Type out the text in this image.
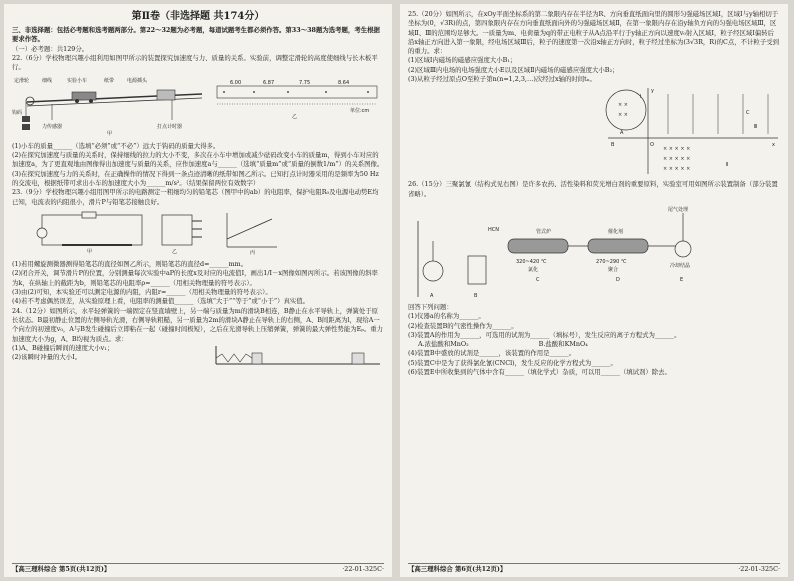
第Ⅱ卷（非选择题 共174分）
三、非选择题：包括必考题和选考题两部分。第22～32题为必考题，每道试题考生都必须作答。第33～38题为选考题，考生根据要求作答。
（一）必考题：共129分。
22.（6分）学校物理兴趣小组利用如图甲所示的装置探究加速度与力、质量的关系。实验前，调整定滑轮的高度使细线与长木板平行。
定滑轮	细线	实验小车	纸带	电源插头
钩码
力传感器	打点计时器
甲
6.00	6.87	7.75	8.64
乙
单位:cm
(1)小车的质量______（选填“必须”或“不必”）远大于钩码的质量大得多。
(2)在探究加速度与质量的关系时，保持细线的拉力的大小不变，多次在小车中增加或减少砝码改变小车的质量m，得到小车对应的加速度a，为了更直观地由图像得出加速度与质量的关系，应作加速度a与______（选填“质量m”或“质量的倒数1/m”）的关系图像。
(3)在探究加速度与力的关系时，在正确操作的情况下得到一条点迹清晰的纸带如图乙所示。已知打点计时器采用的是频率为50 Hz的交流电，根据纸带可求出小车的加速度大小为______m/s²。（结果保留两位有效数字）
23.（9分）学校物理兴趣小组用图甲所示的电路测定一粗细均匀的铅笔芯（图甲中的ab）的电阻率，保护电阻R₀及电源电动势E均已知，电流表的内阻很小，滑片P与铅笔芯接触良好。
甲	乙	丙
(1)若用螺旋测微器测得铅笔芯的直径如图乙所示，则铅笔芯的直径d=______mm。
(2)闭合开关，调节滑片P的位置，分别测量每次实验中aP的长度x及对应的电流值I，画出1/I－x图像如图丙所示。若该图像的斜率为k，在纵轴上的截距为b，则铅笔芯的电阻率ρ=______（用相关物理量的符号表示）。
(3)由(2)可知，本实验还可以测定电源的内阻，内阻r=______（用相关物理量的符号表示）。
(4)若不考虑偶然误差，从实验原理上看，电阻率的测量值______（选填“大于”“等于”或“小于”）真实值。
24.（12分）如图所示，水平轻弹簧的一端固定在竖直墙壁上，另一端与质量为m的滑块B相连，B静止在水平导轨上，弹簧处于原长状态。B最初静止位置的左侧导轨光滑，右侧导轨粗糙，另一质量为2m的滑块A静止在导轨上的右侧，A、B间距离为l，现给A一个向左的初速度v₀，A与B发生碰撞后立即粘在一起（碰撞时间极短），之后在光滑导轨上压缩弹簧，弹簧的最大弹性势能为Eₚ。重力加速度大小为g，A、B均视为质点。求：
(1)A、B碰撞后瞬间的速度大小v₁；
(2)该瞬时冲量的大小I。
【高三理科综合 第5页(共12页)】	·22-01-325C·
25.（20分）如图所示，在xOy平面坐标系的第二象限内存在半径为R、方向垂直纸面向里的圆形匀强磁场区域Ⅰ，区域Ⅰ与y轴相切于坐标为(0，√3R)的点，第四象限内存在方向垂直纸面向外的匀强磁场区域Ⅱ，在第一象限内存在沿y轴负方向的匀强电场区域Ⅲ，区域Ⅱ、Ⅲ的范围均足够大。一质量为m、电荷量为q的带正电粒子从A点沿平行于y轴正方向以速度v₀射入区域Ⅰ，粒子经区域Ⅰ偏转后沿x轴正方向进入第一象限，经电场区域Ⅲ后，粒子的速度第一次沿x轴正方向时，粒子经过坐标为(3√3R，R)的C点，不计粒子受到的重力。求：
(1)区域Ⅰ内磁场的磁感应强度大小B₁；
(2)区域Ⅲ内电场的电场强度大小E以及区域Ⅱ内磁场的磁感应强度大小B₂；
(3)从粒子经过原点O至粒子第n(n=1,2,3,…)次经过x轴的时间tₙ。
× ×
× ×
× × × × ×
× × × × ×
× × × × ×
y
A
O
B	x
C
Ⅰ
Ⅱ
Ⅲ
26.（15分）三聚氯氰（结构式见右图）是许多农药、活性染料和荧光增白剂的重要原料，实验室可用如图所示装置制备（部分装置省略）。
HCN	管式炉	催化剂
尾气处理
320~420 ℃
氯化
270~290 ℃
聚合
冷却结晶
A	B
C	D	E
回答下列问题：
(1)仪器a的名称为______。
(2)检查装置B的气密性操作为______。
(3)装置A的作用为______，可选用的试剂为______（填标号），发生反应的离子方程式为______。
A.浓盐酸和MnO₂	B.盐酸和KMnO₄
(4)装置B中盛放的试剂是______，该装置的作用是______。
(5)装置C中是为了获得氯化氰(CNCl)，发生反应的化学方程式为______。
(6)装置E中所收集到的气体中含有______（填化学式）杂质，可以用______（填试剂）除去。
【高三理科综合 第6页(共12页)】	·22-01-325C·
